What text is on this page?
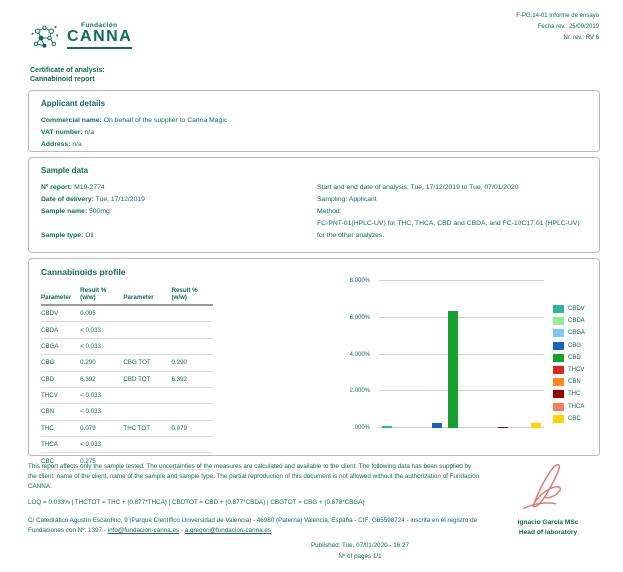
F-PG.14-01 Informe de ensayo
Fecha rev.: 25/09/2019
Nr. rev.: RV 6
Fundación
CANNA
Certificate of analysis:
Cannabinoid report
Applicant details
Commercial name: On behalf of the supplier to Canna Magic
VAT number: n/a
Address: n/a
Sample data
Nº report: M19-2774
Date of delivery: Tue, 17/12/2019
Sample name: 500mg
Sample type: Oil
Start and end date of analysis: Tue, 17/12/2019 to Tue, 07/01/2020
Sampling: Applicant
Method:
FC-PNT-01(HPLC-UV) for THC, THCA, CBD and CBDA, and FC-10C17.01 (HPLC-UV) for the other analyzes.
Cannabinoids profile
Parameter	Result % (w/w)	Parameter	Result % (w/w)
CBDV	0.095		
CBDA	< 0.033		
CBGA	< 0.033		
CBG	0.290	CBG TOT	0.290
CBD	6.392	CBD TOT	6.392
THCV	< 0.033		
CBN	< 0.033		
THC	0.079	THC TOT	0.079
THCA	< 0.033		
CBC	0.275		
8.000%
6.000%
4.000%
2.000%
.000%
CBDV
CBDA
CBGA
CBG
CBD
THCV
CBN
THC
THCA
CBC
This report affects only the sample tested. The uncertainties of the measures are calculated and available to the client. The following data has been supplied by the client: name of the client, name of the sample and sample type. The partial reproduction of this document is not allowed without the authorization of Fundación CANNA.
LOQ = 0.033% | THCTOT = THC + (0.877*THCA) | CBDTOT = CBD + (0.877*CBDA) | CBGTOT = CBG + (0.878*CBGA)
C/ Catedrático Agustín Escardino, 9 (Parque Científico Universidad de Valencia) - 46980 (Paterna) Valencia, España - CIF: G65598724 - inscrita en el registro de Fundaciones con Nº: 1397 - info@fundacion-canna.es - a.gregori@fundacion-canna.es
Published: Tue, 07/01/2020 - 16:27
Nº of pages 1/1
Ignacio García MSc
Head of laboratory
